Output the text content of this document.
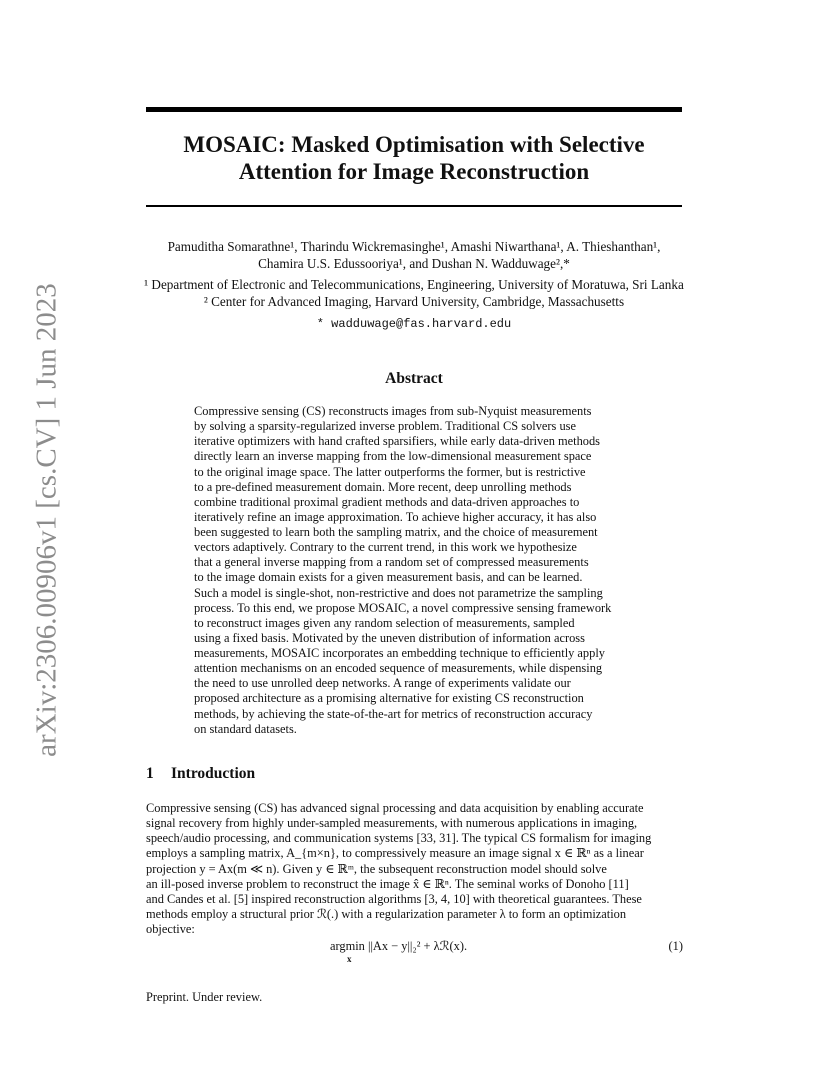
arXiv:2306.00906v1 [cs.CV] 1 Jun 2023
MOSAIC: Masked Optimisation with Selective Attention for Image Reconstruction
Pamuditha Somarathne¹, Tharindu Wickremasinghe¹, Amashi Niwarthana¹, A. Thieshanthan¹,
Chamira U.S. Edussooriya¹, and Dushan N. Wadduwage²,*
¹ Department of Electronic and Telecommunications, Engineering, University of Moratuwa, Sri Lanka
² Center for Advanced Imaging, Harvard University, Cambridge, Massachusetts
* wadduwage@fas.harvard.edu
Abstract
Compressive sensing (CS) reconstructs images from sub-Nyquist measurements
by solving a sparsity-regularized inverse problem. Traditional CS solvers use
iterative optimizers with hand crafted sparsifiers, while early data-driven methods
directly learn an inverse mapping from the low-dimensional measurement space
to the original image space. The latter outperforms the former, but is restrictive
to a pre-defined measurement domain. More recent, deep unrolling methods
combine traditional proximal gradient methods and data-driven approaches to
iteratively refine an image approximation. To achieve higher accuracy, it has also
been suggested to learn both the sampling matrix, and the choice of measurement
vectors adaptively. Contrary to the current trend, in this work we hypothesize
that a general inverse mapping from a random set of compressed measurements
to the image domain exists for a given measurement basis, and can be learned.
Such a model is single-shot, non-restrictive and does not parametrize the sampling
process. To this end, we propose MOSAIC, a novel compressive sensing framework
to reconstruct images given any random selection of measurements, sampled
using a fixed basis. Motivated by the uneven distribution of information across
measurements, MOSAIC incorporates an embedding technique to efficiently apply
attention mechanisms on an encoded sequence of measurements, while dispensing
the need to use unrolled deep networks. A range of experiments validate our
proposed architecture as a promising alternative for existing CS reconstruction
methods, by achieving the state-of-the-art for metrics of reconstruction accuracy
on standard datasets.
1 Introduction
Compressive sensing (CS) has advanced signal processing and data acquisition by enabling accurate
signal recovery from highly under-sampled measurements, with numerous applications in imaging,
speech/audio processing, and communication systems [33, 31]. The typical CS formalism for imaging
employs a sampling matrix, A_{m×n}, to compressively measure an image signal x ∈ ℝⁿ as a linear
projection y = Ax(m ≪ n). Given y ∈ ℝᵐ, the subsequent reconstruction model should solve
an ill-posed inverse problem to reconstruct the image x̂ ∈ ℝⁿ. The seminal works of Donoho [11]
and Candes et al. [5] inspired reconstruction algorithms [3, 4, 10] with theoretical guarantees. These
methods employ a structural prior ℛ(.) with a regularization parameter λ to form an optimization
objective:
argmin ||Ax − y||₂² + λℛ(x).
x
(1)
Preprint. Under review.
